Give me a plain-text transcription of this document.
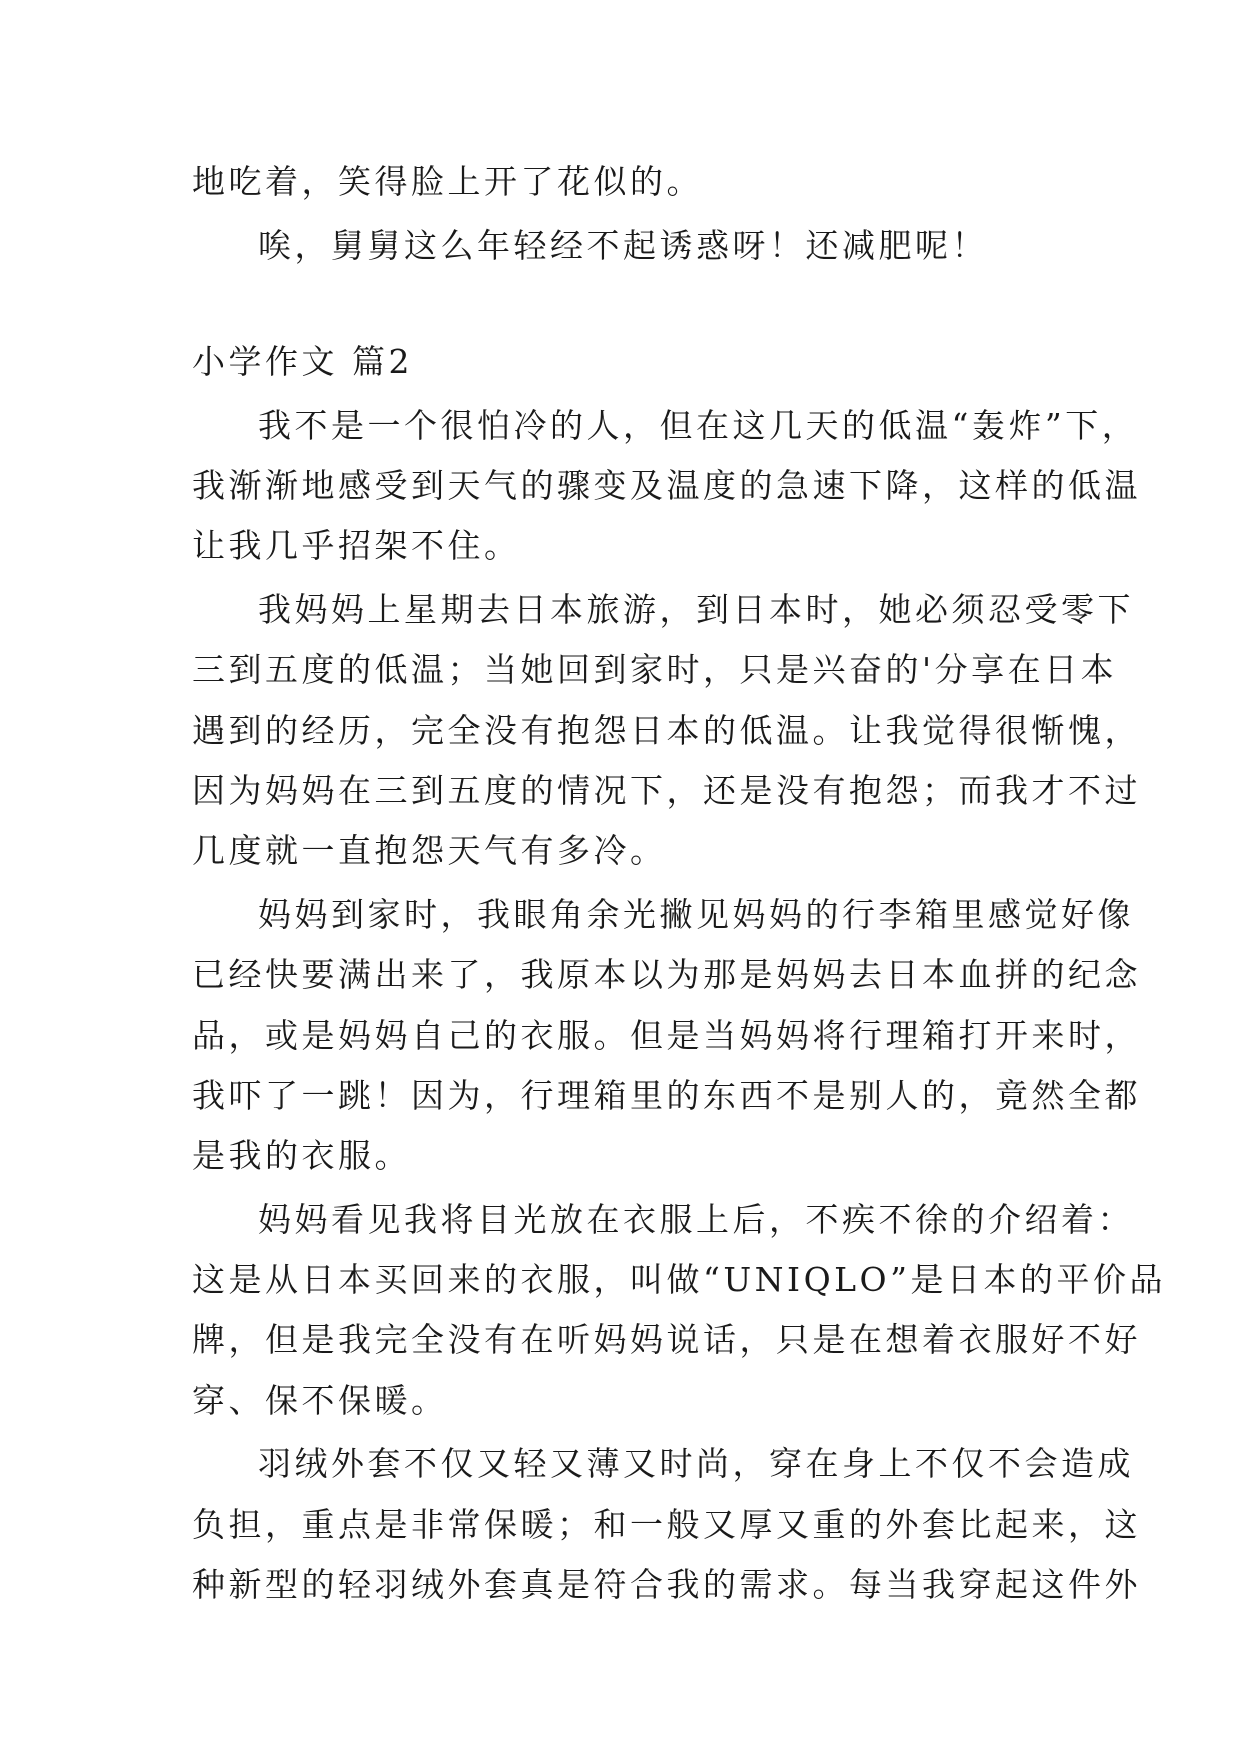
地吃着，笑得脸上开了花似的。
唉，舅舅这么年轻经不起诱惑呀！还减肥呢！
小学作文 篇2
我不是一个很怕冷的人，但在这几天的低温“轰炸”下，
我渐渐地感受到天气的骤变及温度的急速下降，这样的低温
让我几乎招架不住。
我妈妈上星期去日本旅游，到日本时，她必须忍受零下
三到五度的低温；当她回到家时，只是兴奋的'分享在日本
遇到的经历，完全没有抱怨日本的低温。让我觉得很惭愧，
因为妈妈在三到五度的情况下，还是没有抱怨；而我才不过
几度就一直抱怨天气有多冷。
妈妈到家时，我眼角余光撇见妈妈的行李箱里感觉好像
已经快要满出来了，我原本以为那是妈妈去日本血拼的纪念
品，或是妈妈自己的衣服。但是当妈妈将行理箱打开来时，
我吓了一跳！因为，行理箱里的东西不是别人的，竟然全都
是我的衣服。
妈妈看见我将目光放在衣服上后，不疾不徐的介绍着：
这是从日本买回来的衣服，叫做“UNIQLO”是日本的平价品
牌，但是我完全没有在听妈妈说话，只是在想着衣服好不好
穿、保不保暖。
羽绒外套不仅又轻又薄又时尚，穿在身上不仅不会造成
负担，重点是非常保暖；和一般又厚又重的外套比起来，这
种新型的轻羽绒外套真是符合我的需求。每当我穿起这件外
